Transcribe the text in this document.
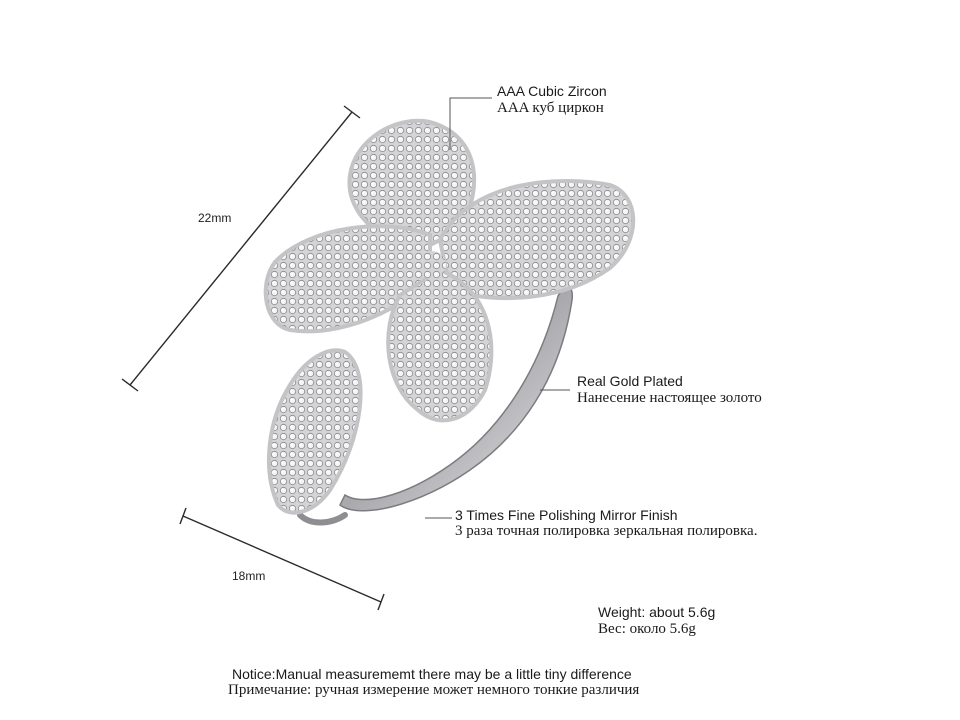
22mm
18mm
AAA Cubic Zircon
AAA куб циркон
Real Gold Plated
Нанесение настоящее золото
3 Times Fine Polishing Mirror Finish
3 раза точная полировка зеркальная полировка.
Weight: about 5.6g
Вес: около 5.6g
Notice:Manual measurememt there may be a little tiny difference
Примечание: ручная измерение может немного тонкие различия
